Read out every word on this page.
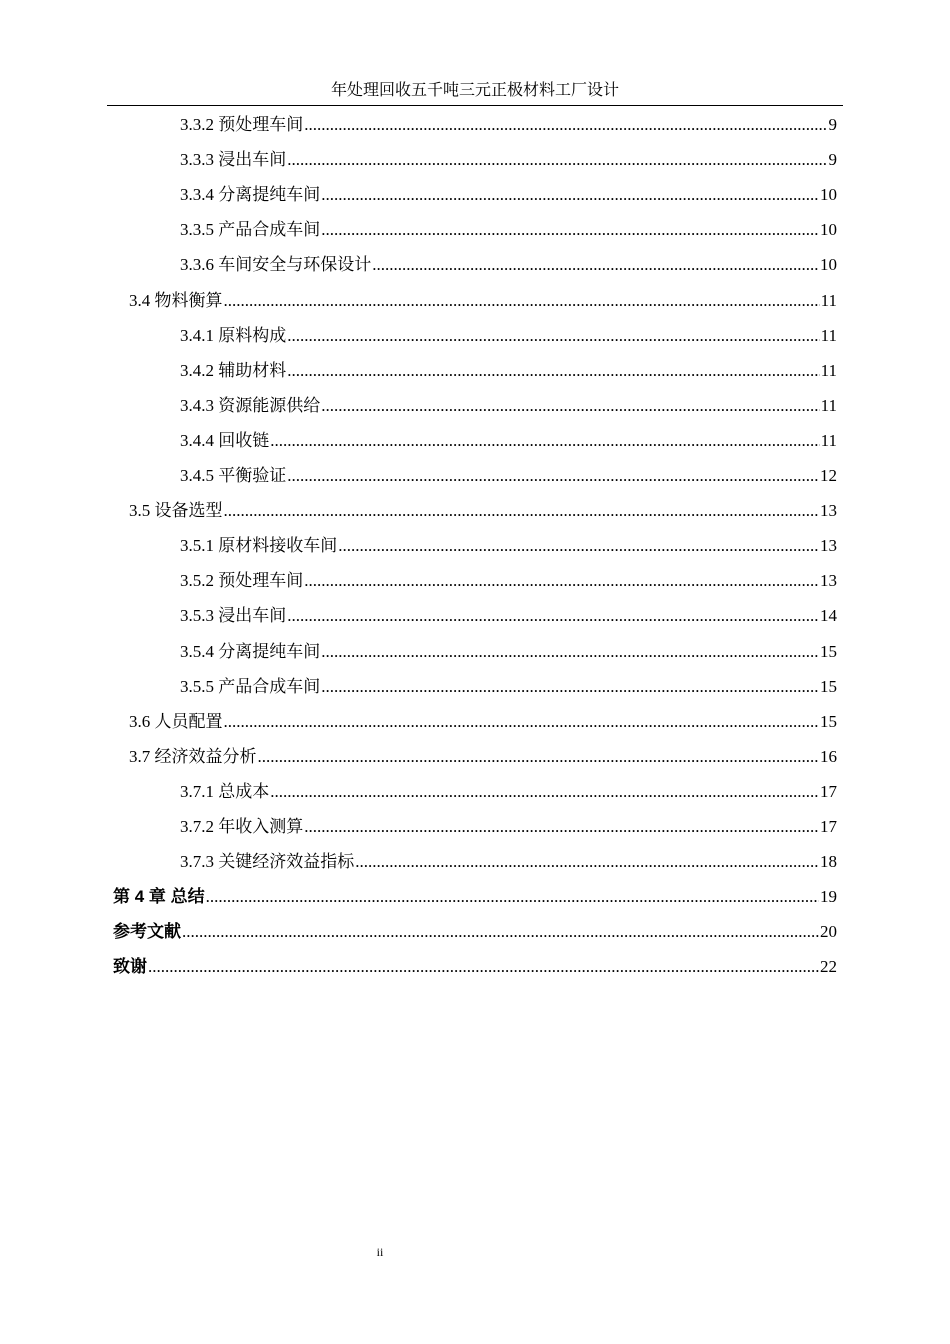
年处理回收五千吨三元正极材料工厂设计
3.3.2 预处理车间 .....	9
3.3.3 浸出车间 .....	9
3.3.4 分离提纯车间 .....	10
3.3.5 产品合成车间 .....	10
3.3.6 车间安全与环保设计 .....	10
3.4 物料衡算 .....	11
3.4.1 原料构成 .....	11
3.4.2 辅助材料 .....	11
3.4.3 资源能源供给 .....	11
3.4.4 回收链 .....	11
3.4.5 平衡验证 .....	12
3.5 设备选型 .....	13
3.5.1 原材料接收车间 .....	13
3.5.2 预处理车间 .....	13
3.5.3 浸出车间 .....	14
3.5.4 分离提纯车间 .....	15
3.5.5 产品合成车间 .....	15
3.6 人员配置 .....	15
3.7 经济效益分析 .....	16
3.7.1 总成本 .....	17
3.7.2 年收入测算 .....	17
3.7.3 关键经济效益指标 .....	18
第 4 章 总结 .....	19
参考文献 .....	20
致谢 .....	22
ii
